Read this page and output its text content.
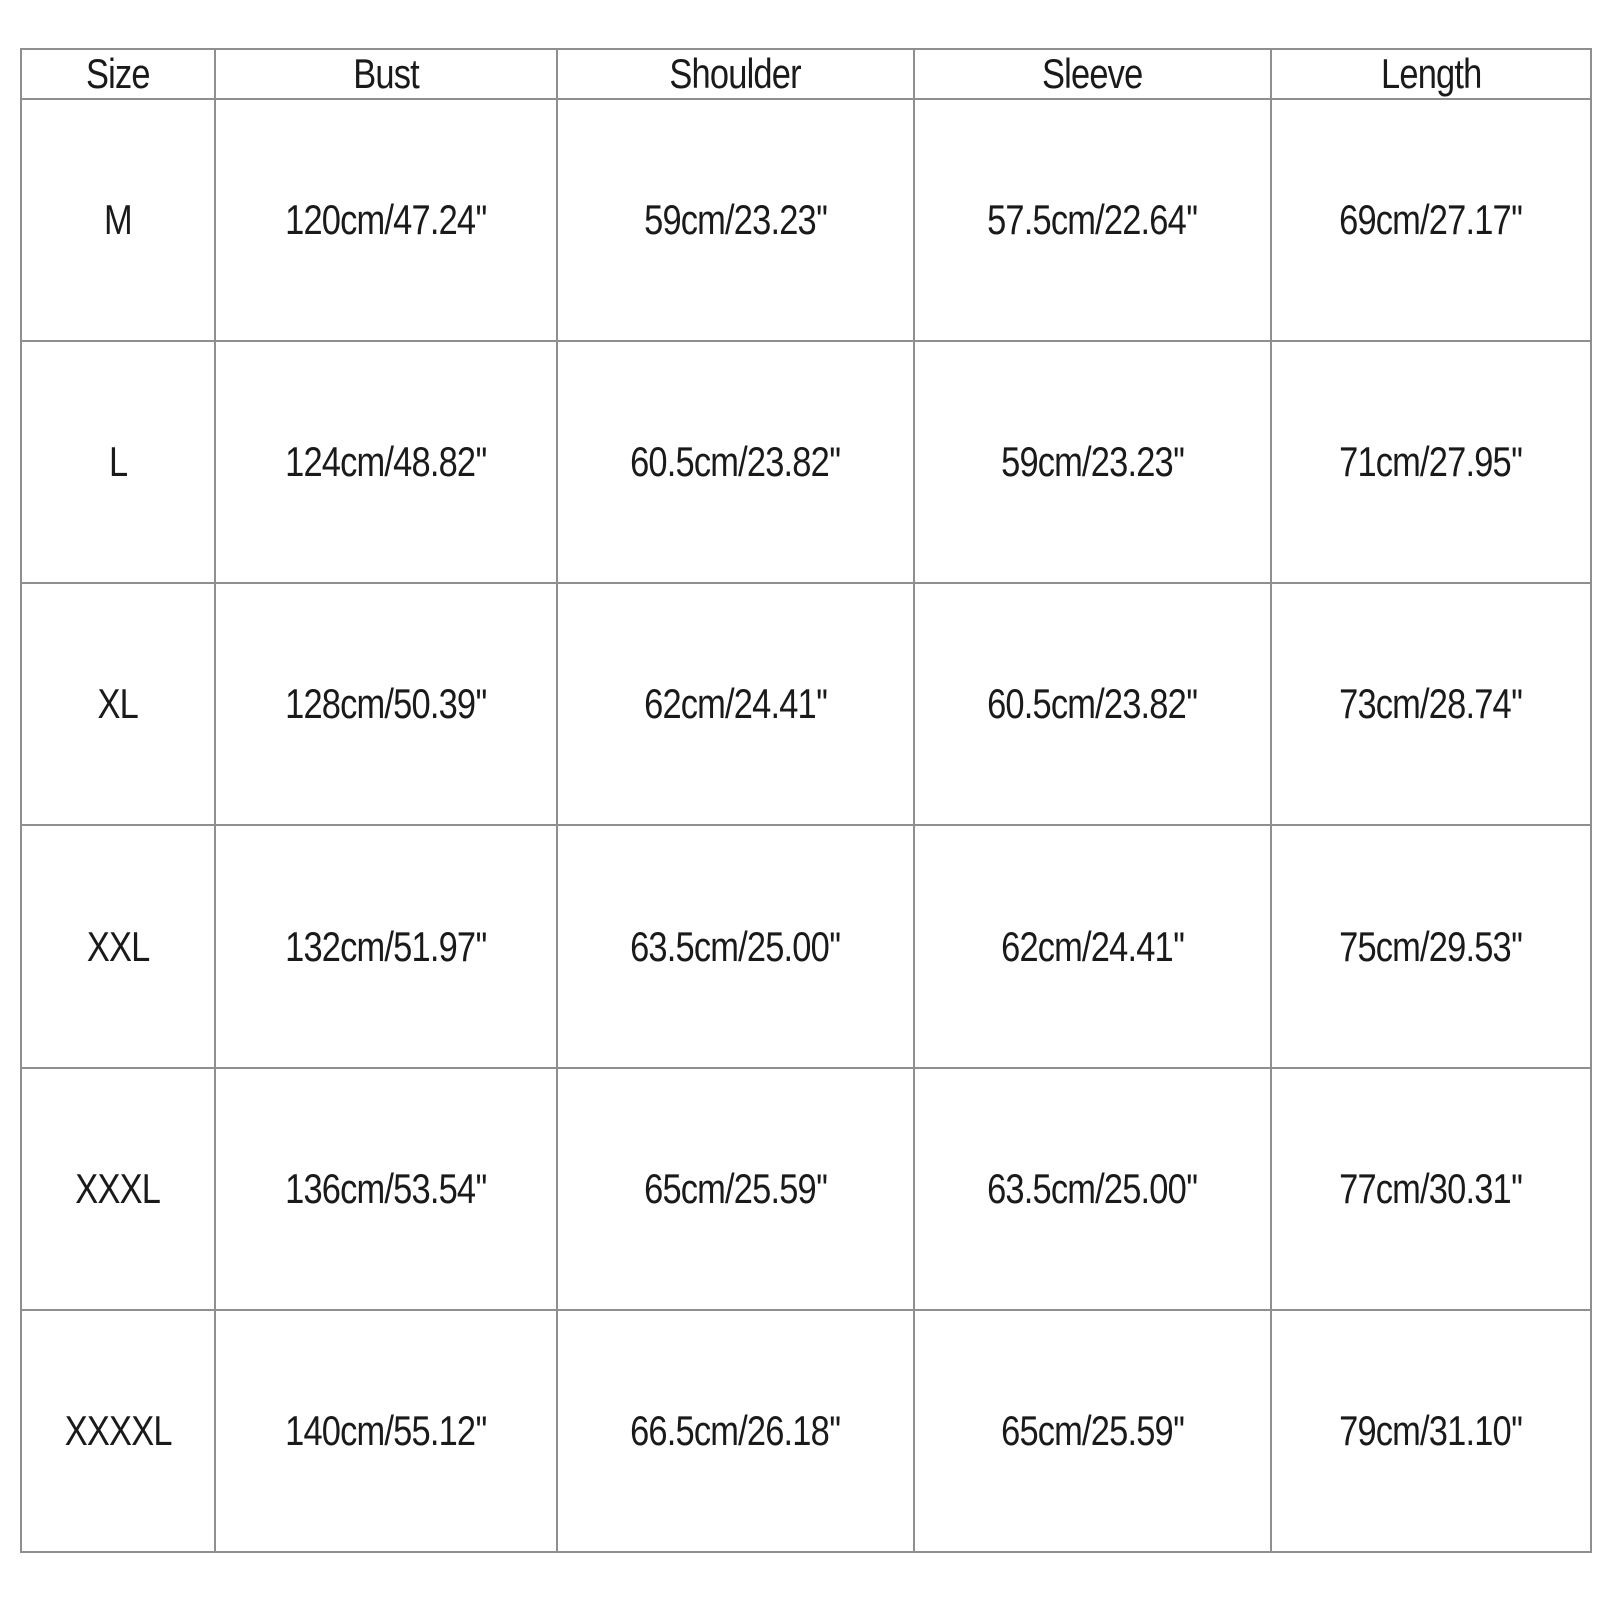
Size	Bust	Shoulder	Sleeve	Length
M	120cm/47.24''	59cm/23.23''	57.5cm/22.64''	69cm/27.17''
L	124cm/48.82''	60.5cm/23.82''	59cm/23.23''	71cm/27.95''
XL	128cm/50.39''	62cm/24.41''	60.5cm/23.82''	73cm/28.74''
XXL	132cm/51.97''	63.5cm/25.00''	62cm/24.41''	75cm/29.53''
XXXL	136cm/53.54''	65cm/25.59''	63.5cm/25.00''	77cm/30.31''
XXXXL	140cm/55.12''	66.5cm/26.18''	65cm/25.59''	79cm/31.10''
